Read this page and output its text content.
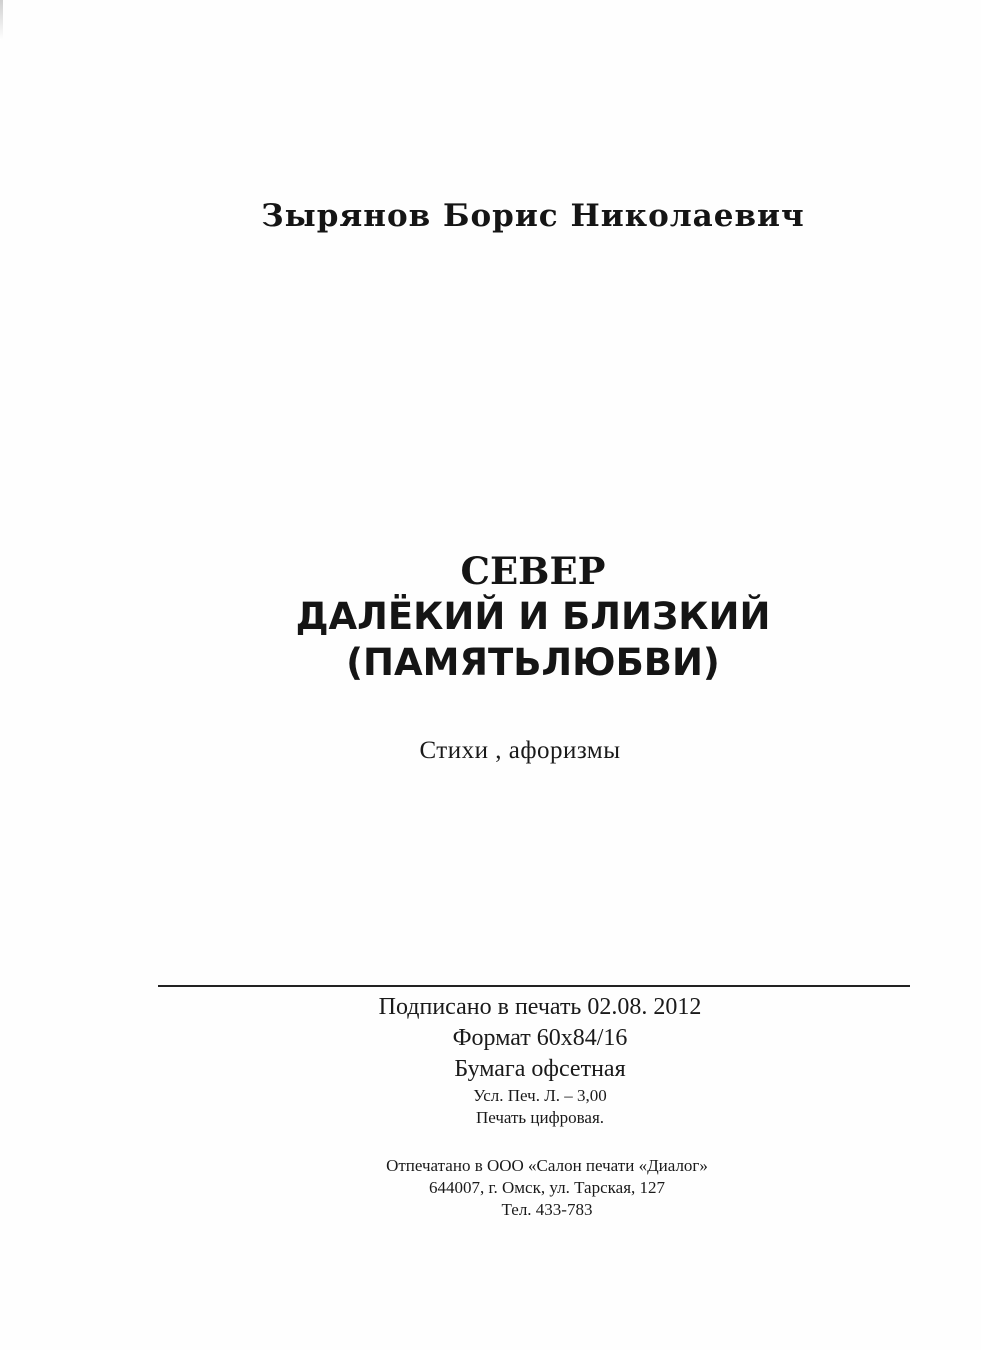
Зырянов Борис Николаевич
СЕВЕР
ДАЛЁКИЙ И БЛИЗКИЙ
(ПАМЯТЬЛЮБВИ)
Стихи , афоризмы
Подписано в печать 02.08. 2012
Формат 60х84/16
Бумага офсетная
Усл. Печ. Л. – 3,00
Печать цифровая.
Отпечатано в ООО «Салон печати «Диалог»
644007, г. Омск, ул. Тарская, 127
Тел. 433-783
